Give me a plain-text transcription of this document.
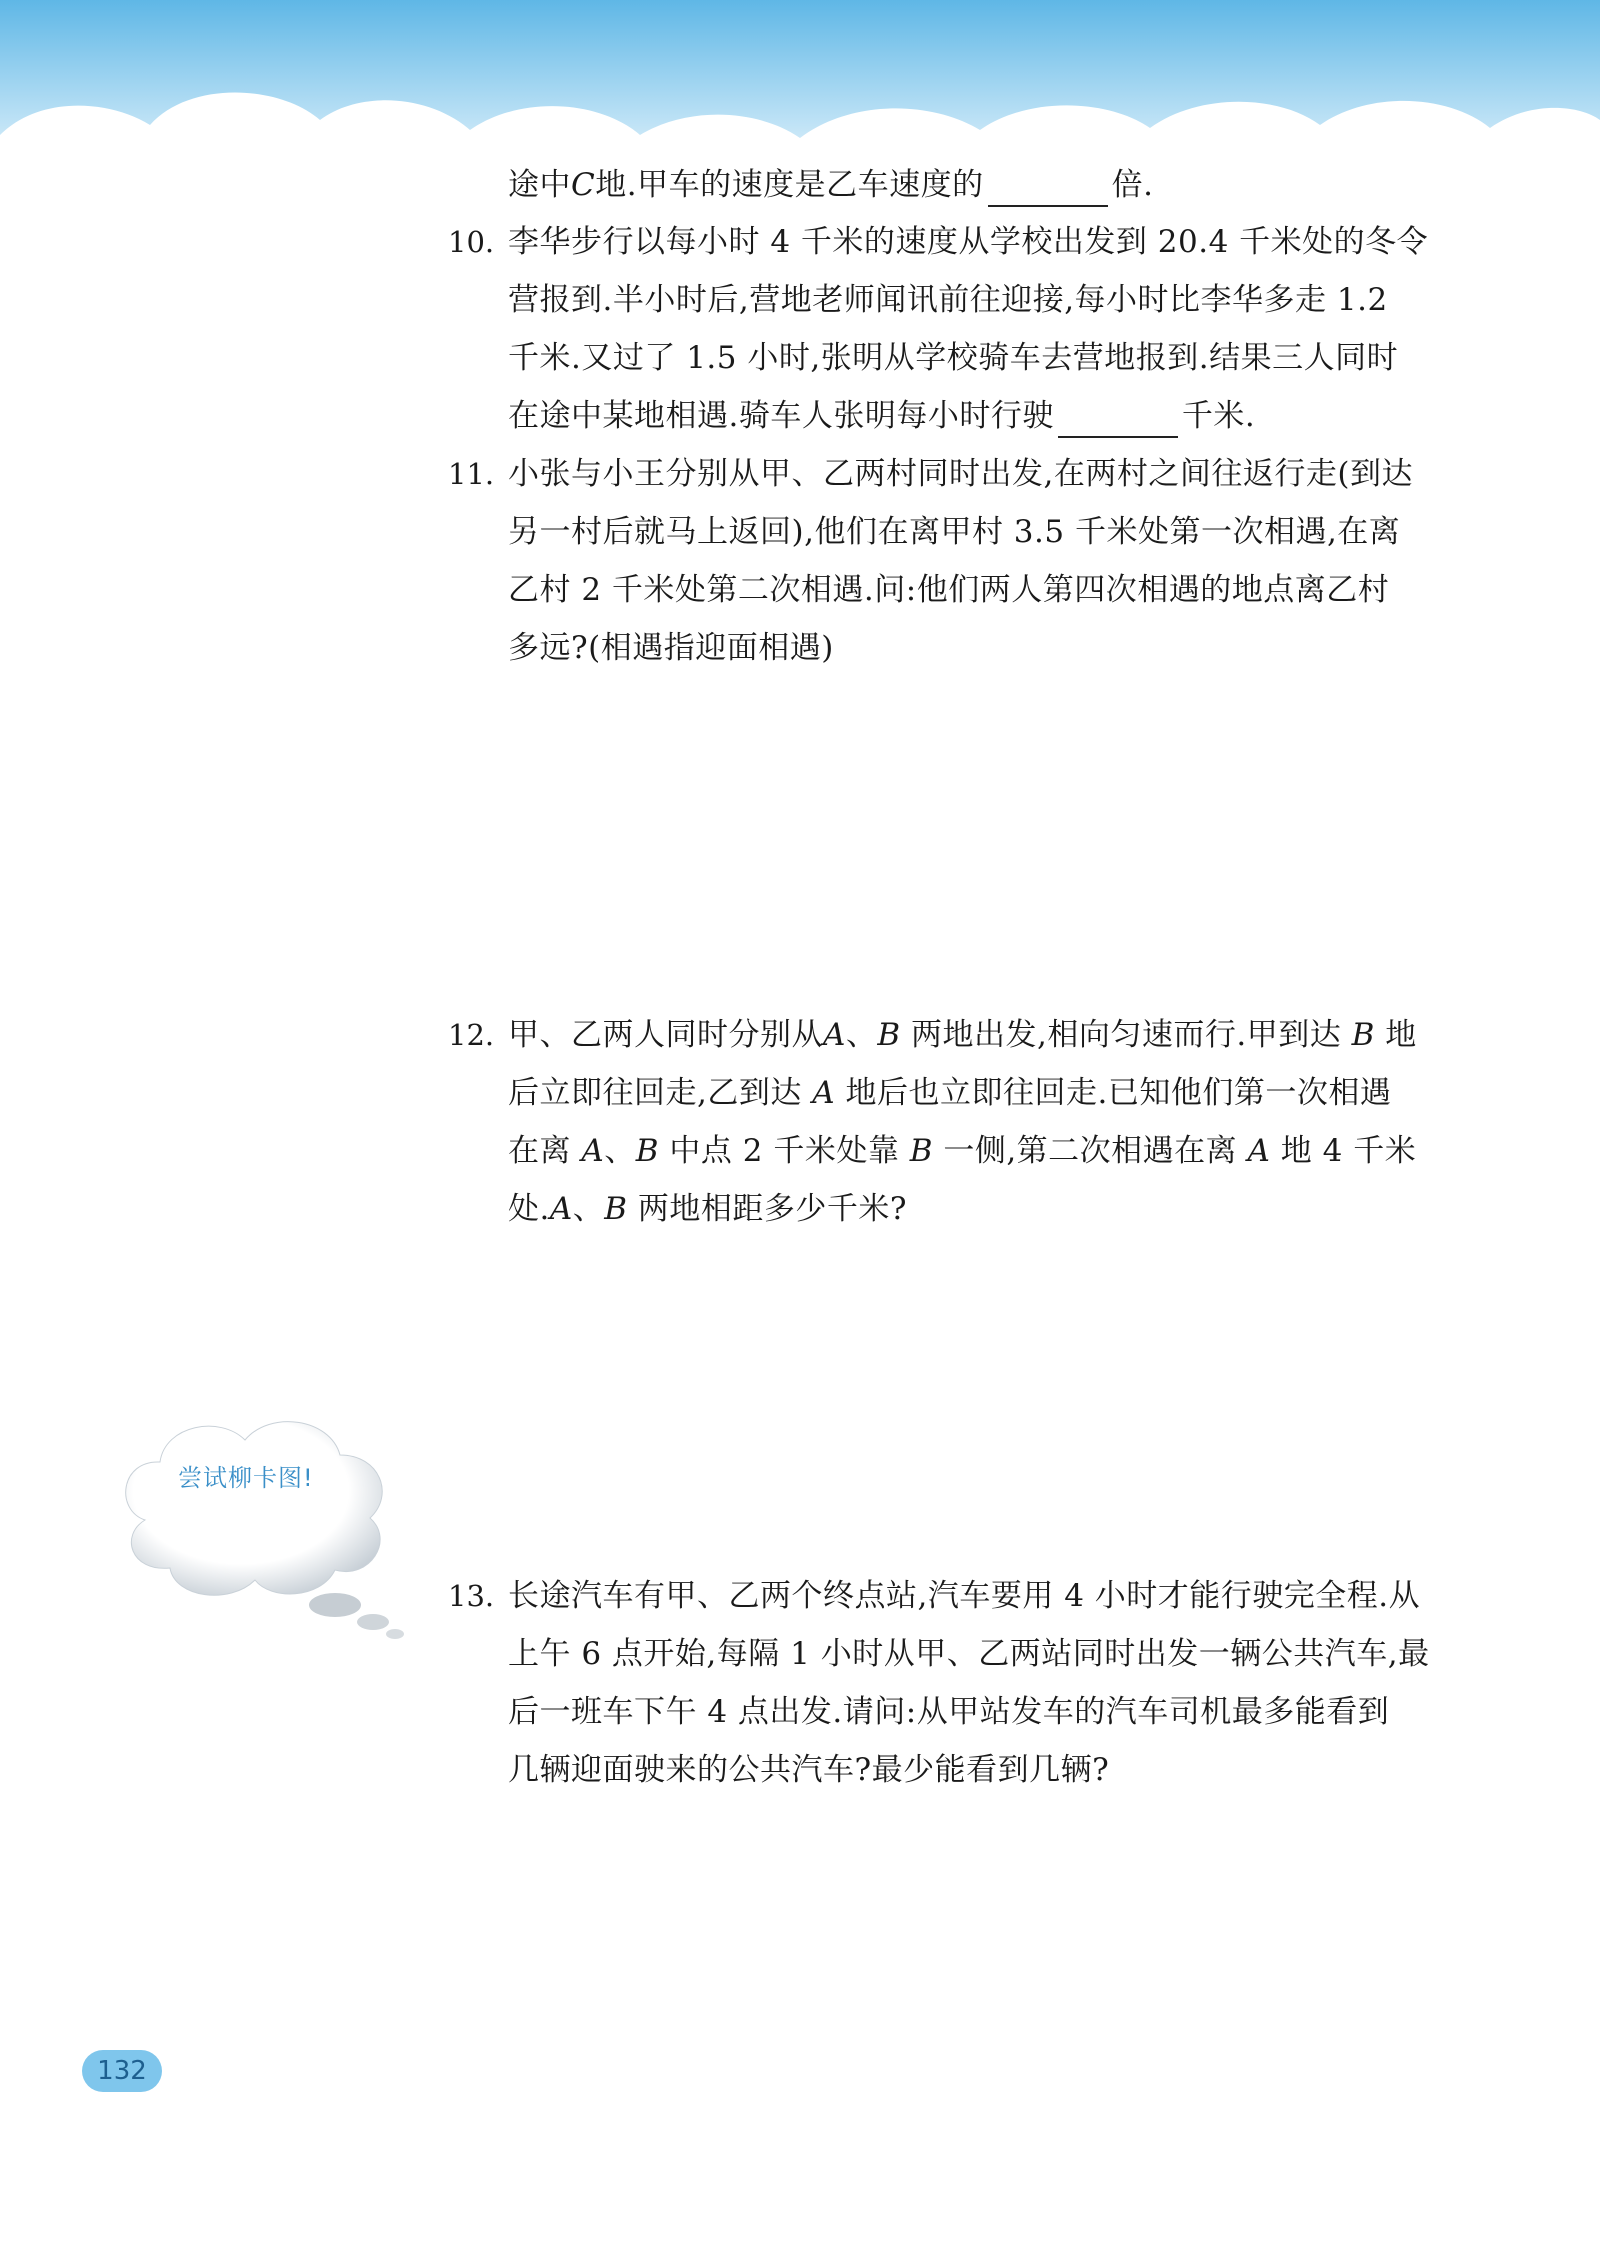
途中C地.甲车的速度是乙车速度的	倍.
10. 李华步行以每小时 4 千米的速度从学校出发到 20.4 千米处的冬令
营报到.半小时后,营地老师闻讯前往迎接,每小时比李华多走 1.2
千米.又过了 1.5 小时,张明从学校骑车去营地报到.结果三人同时
在途中某地相遇.骑车人张明每小时行驶	千米.
11. 小张与小王分别从甲、乙两村同时出发,在两村之间往返行走(到达
另一村后就马上返回),他们在离甲村 3.5 千米处第一次相遇,在离
乙村 2 千米处第二次相遇.问:他们两人第四次相遇的地点离乙村
多远?(相遇指迎面相遇)
12. 甲、乙两人同时分别从A、B 两地出发,相向匀速而行.甲到达 B 地
后立即往回走,乙到达 A 地后也立即往回走.已知他们第一次相遇
在离 A、B 中点 2 千米处靠 B 一侧,第二次相遇在离 A 地 4 千米
处.A、B 两地相距多少千米?
尝试柳卡图!
13. 长途汽车有甲、乙两个终点站,汽车要用 4 小时才能行驶完全程.从
上午 6 点开始,每隔 1 小时从甲、乙两站同时出发一辆公共汽车,最
后一班车下午 4 点出发.请问:从甲站发车的汽车司机最多能看到
几辆迎面驶来的公共汽车?最少能看到几辆?
132
